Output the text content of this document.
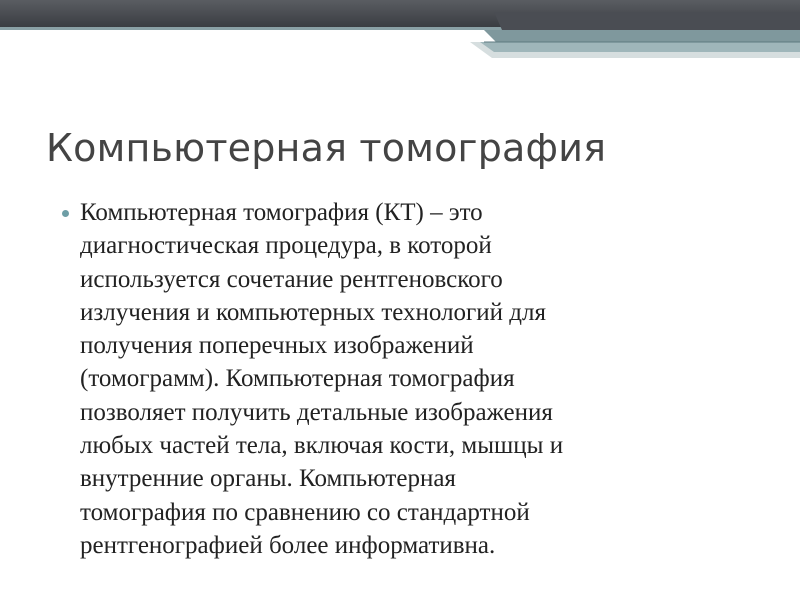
Компьютерная томография
Компьютерная томография (КТ) – это
диагностическая процедура, в которой
используется сочетание рентгеновского
излучения и компьютерных технологий для
получения поперечных изображений
(томограмм). Компьютерная томография
позволяет получить детальные изображения
любых частей тела, включая кости, мышцы и
внутренние органы. Компьютерная
томография по сравнению со стандартной
рентгенографией более информативна.
